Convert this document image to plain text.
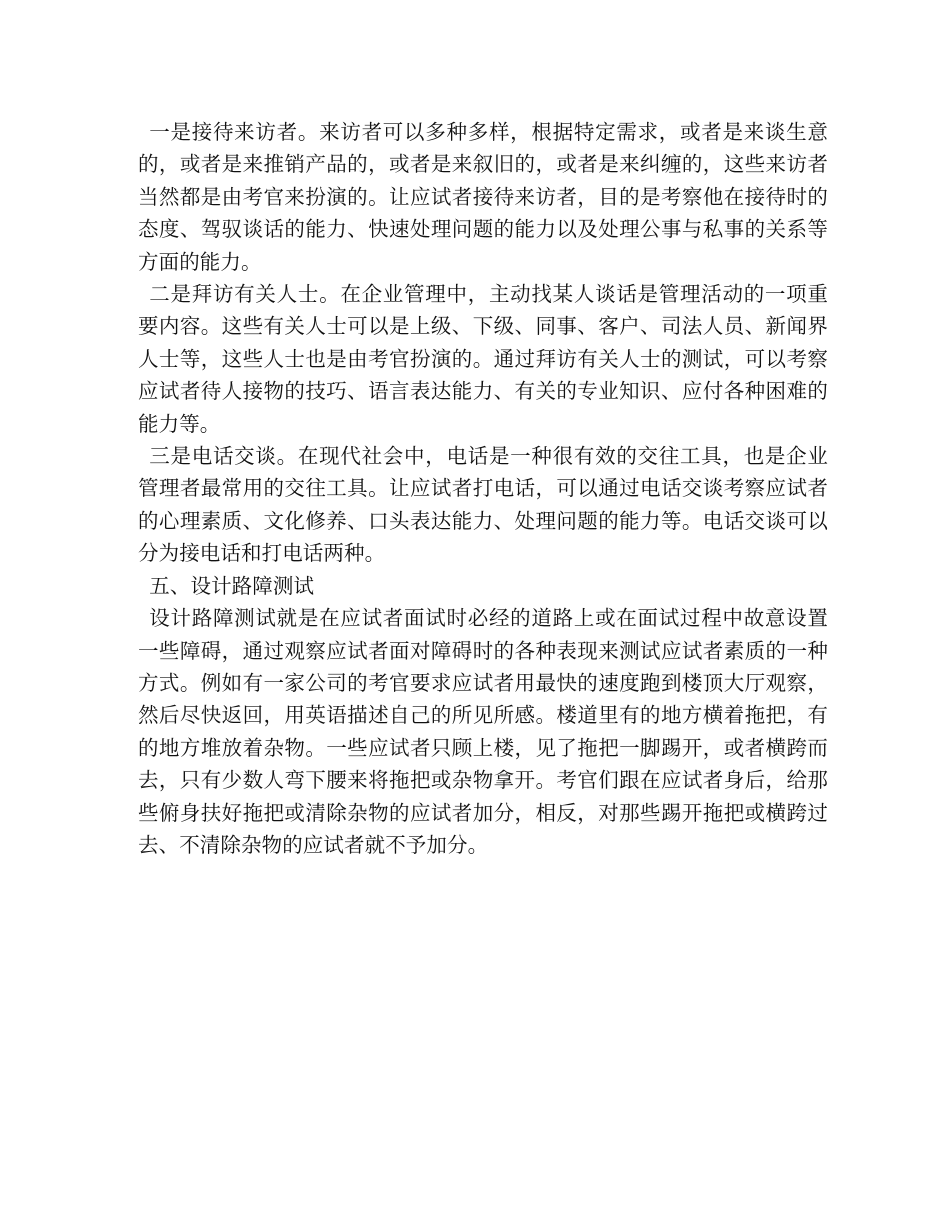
一是接待来访者。来访者可以多种多样，根据特定需求，或者是来谈生意的，或者是来推销产品的，或者是来叙旧的，或者是来纠缠的，这些来访者当然都是由考官来扮演的。让应试者接待来访者，目的是考察他在接待时的态度、驾驭谈话的能力、快速处理问题的能力以及处理公事与私事的关系等方面的能力。

二是拜访有关人士。在企业管理中，主动找某人谈话是管理活动的一项重要内容。这些有关人士可以是上级、下级、同事、客户、司法人员、新闻界人士等，这些人士也是由考官扮演的。通过拜访有关人士的测试，可以考察应试者待人接物的技巧、语言表达能力、有关的专业知识、应付各种困难的能力等。

三是电话交谈。在现代社会中，电话是一种很有效的交往工具，也是企业管理者最常用的交往工具。让应试者打电话，可以通过电话交谈考察应试者的心理素质、文化修养、口头表达能力、处理问题的能力等。电话交谈可以分为接电话和打电话两种。

五、设计路障测试

设计路障测试就是在应试者面试时必经的道路上或在面试过程中故意设置一些障碍，通过观察应试者面对障碍时的各种表现来测试应试者素质的一种方式。例如有一家公司的考官要求应试者用最快的速度跑到楼顶大厅观察，然后尽快返回，用英语描述自己的所见所感。楼道里有的地方横着拖把，有的地方堆放着杂物。一些应试者只顾上楼，见了拖把一脚踢开，或者横跨而去，只有少数人弯下腰来将拖把或杂物拿开。考官们跟在应试者身后，给那些俯身扶好拖把或清除杂物的应试者加分，相反，对那些踢开拖把或横跨过去、不清除杂物的应试者就不予加分。
